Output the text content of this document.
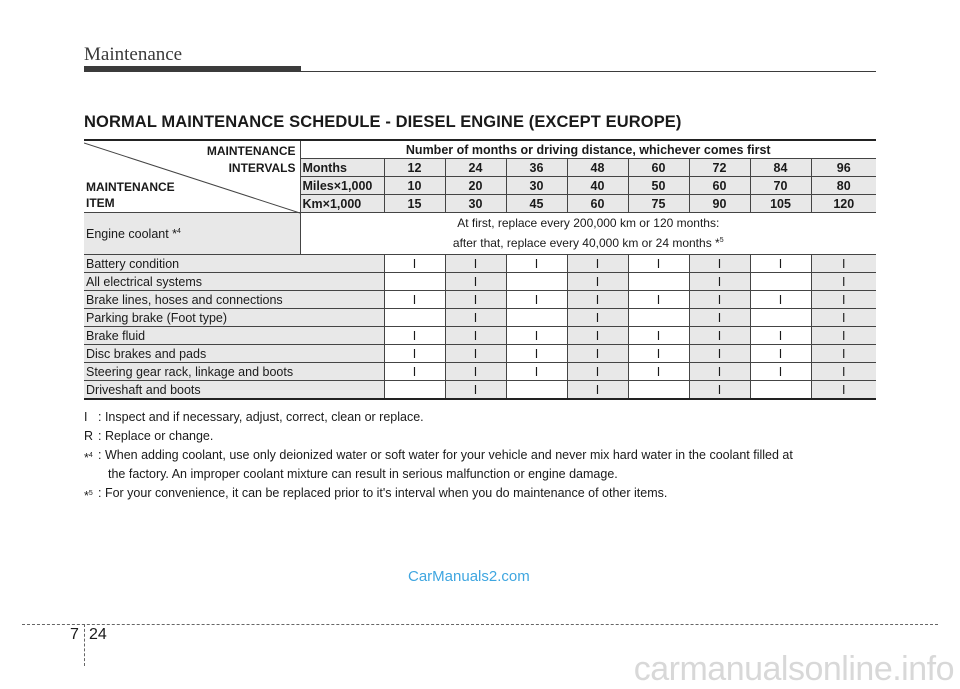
Maintenance
NORMAL MAINTENANCE SCHEDULE - DIESEL ENGINE (EXCEPT EUROPE)
MAINTENANCE
INTERVALS
MAINTENANCE
ITEM	Number of months or driving distance, whichever comes first								
	Months	12	24	36	48	60	72	84	96
	Miles×1,000	10	20	30	40	50	60	70	80
	Km×1,000	15	30	45	60	75	90	105	120
Engine coolant *$^4$	At first, replace every 200,000 km or 120 months:
after that, replace every 40,000 km or 24 months *$^5$

Battery condition		I	I	I	I	I	I	I	I
All electrical systems			I		I		I		I
Brake lines, hoses and connections		I	I	I	I	I	I	I	I
Parking brake (Foot type)			I		I		I		I
Brake fluid		I	I	I	I	I	I	I	I
Disc brakes and pads		I	I	I	I	I	I	I	I
Steering gear rack, linkage and boots		I	I	I	I	I	I	I	I
Driveshaft and boots			I		I		I		I
I : Inspect and if necessary, adjust, correct, clean or replace.
R : Replace or change.
*$^4$ : When adding coolant, use only deionized water or soft water for your vehicle and never mix hard water in the coolant filled at
the factory. An improper coolant mixture can result in serious malfunction or engine damage.
*$^5$ : For your convenience, it can be replaced prior to it's interval when you do maintenance of other items.
CarManuals2.com
7 24
carmanualsonline.info
